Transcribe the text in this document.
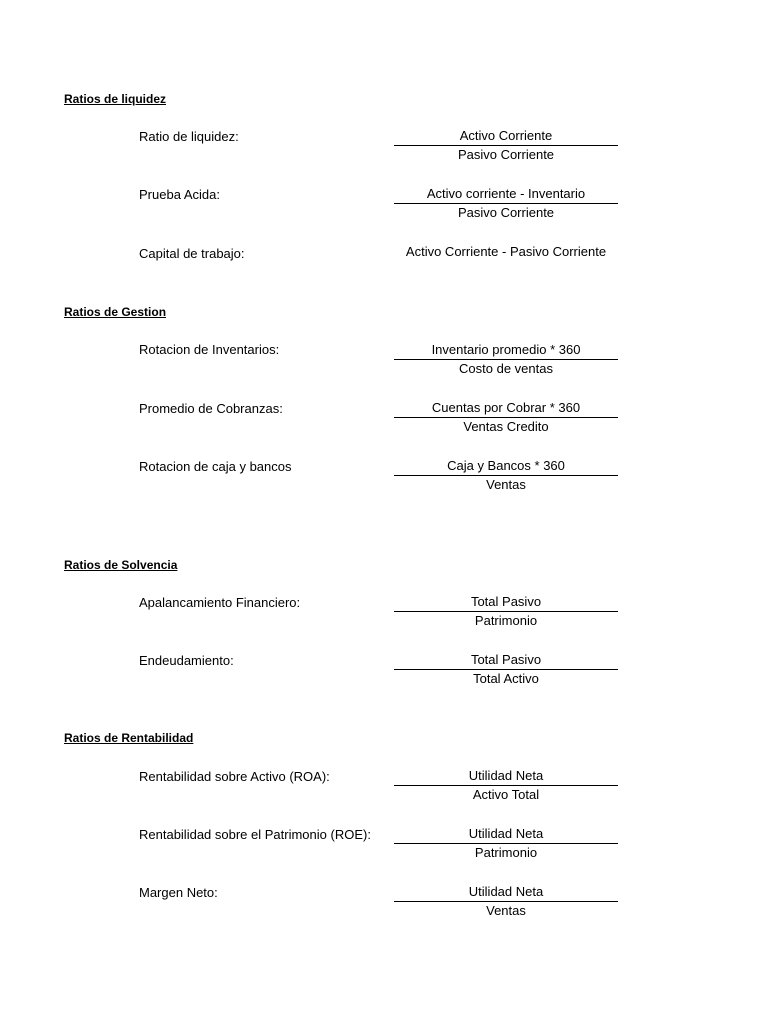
Ratios de liquidez
Ratio de liquidez:	Activo Corriente
Pasivo Corriente
Prueba Acida:	Activo corriente - Inventario
Pasivo Corriente
Capital de trabajo:	Activo Corriente - Pasivo Corriente
Ratios de Gestion
Rotacion de Inventarios:	Inventario promedio * 360
Costo de ventas
Promedio de Cobranzas:	Cuentas por Cobrar * 360
Ventas Credito
Rotacion de caja y bancos	Caja y Bancos * 360
Ventas
Ratios de Solvencia
Apalancamiento Financiero:	Total Pasivo
Patrimonio
Endeudamiento:	Total Pasivo
Total Activo
Ratios de Rentabilidad
Rentabilidad sobre Activo (ROA):	Utilidad Neta
Activo Total
Rentabilidad sobre el Patrimonio (ROE):	Utilidad Neta
Patrimonio
Margen Neto:	Utilidad Neta
Ventas
